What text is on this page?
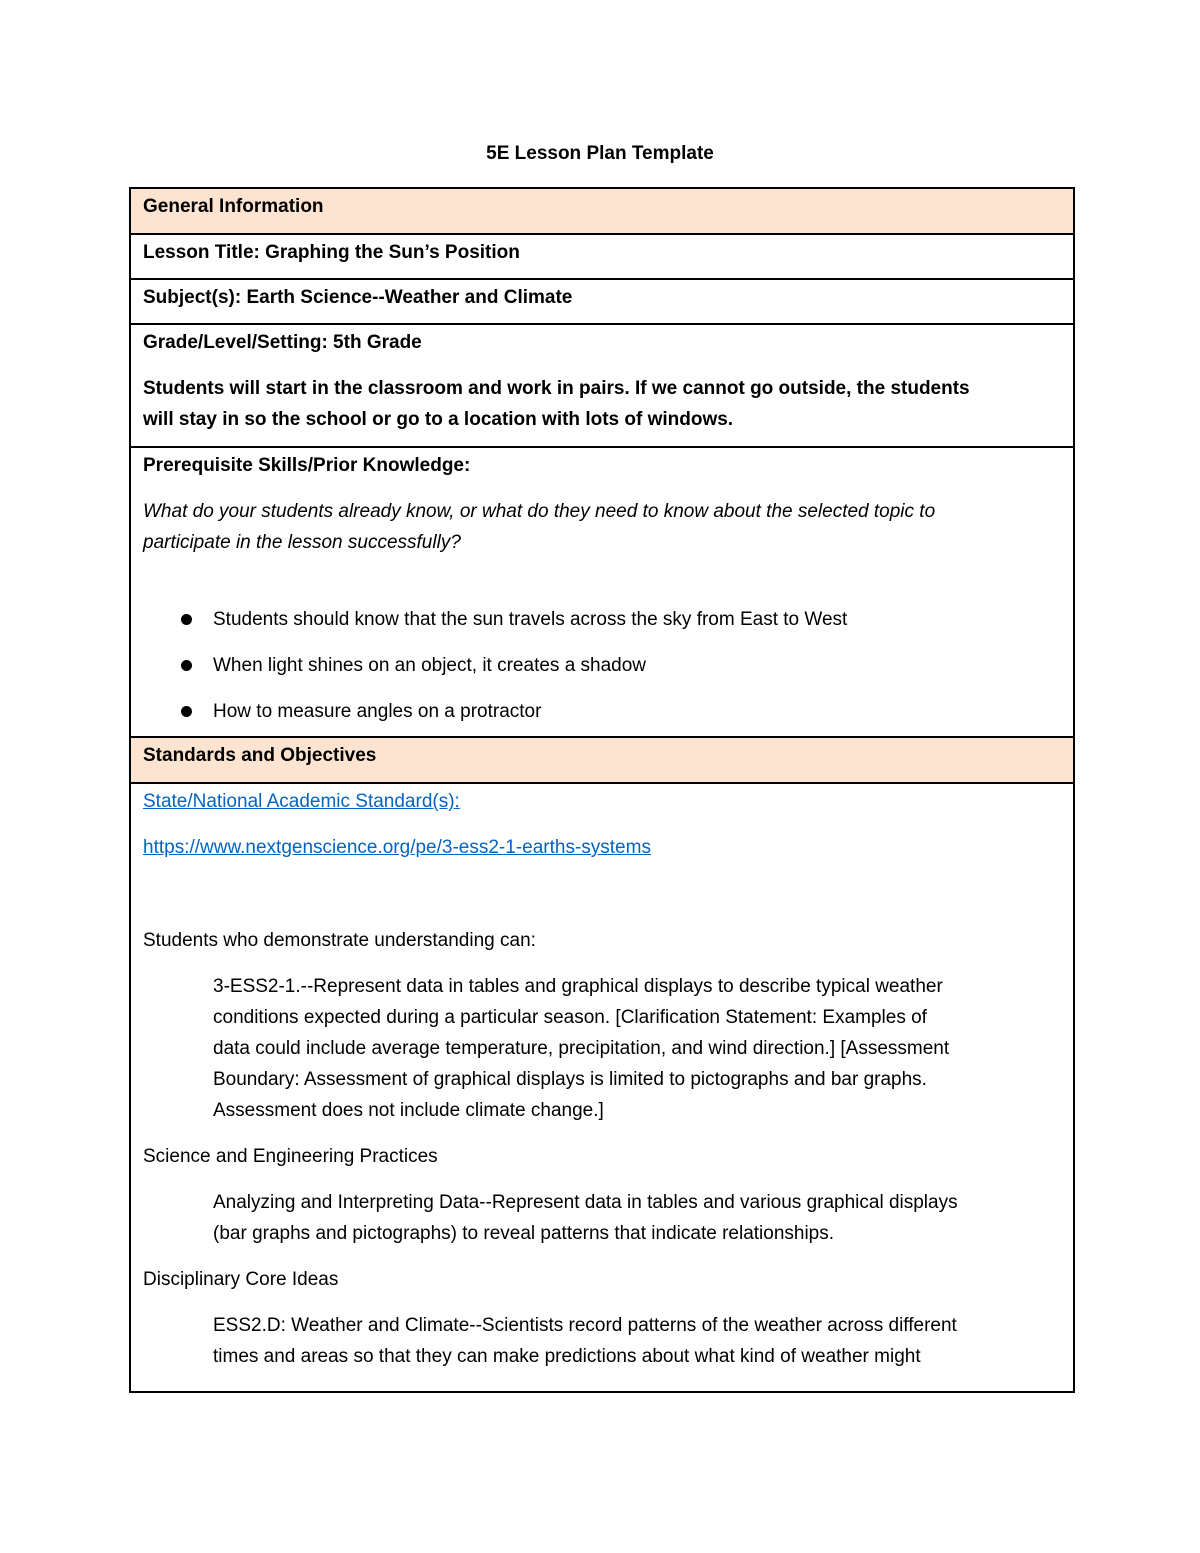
5E Lesson Plan Template
General Information
Lesson Title: Graphing the Sun’s Position
Subject(s): Earth Science--Weather and Climate

Grade/Level/Setting: 5th Grade

Students will start in the classroom and work in pairs. If we cannot go outside, the students

will stay in so the school or go to a location with lots of windows.

Prerequisite Skills/Prior Knowledge:

What do your students already know, or what do they need to know about the selected topic to

participate in the lesson successfully?

Students should know that the sun travels across the sky from East to West
When light shines on an object, it creates a shadow
How to measure angles on a protractor
Standards and Objectives

State/National Academic Standard(s):

https://www.nextgenscience.org/pe/3-ess2-1-earths-systems

Students who demonstrate understanding can:

3-ESS2-1.--Represent data in tables and graphical displays to describe typical weather

conditions expected during a particular season. [Clarification Statement: Examples of

data could include average temperature, precipitation, and wind direction.] [Assessment

Boundary: Assessment of graphical displays is limited to pictographs and bar graphs.

Assessment does not include climate change.]

Science and Engineering Practices

Analyzing and Interpreting Data--Represent data in tables and various graphical displays

(bar graphs and pictographs) to reveal patterns that indicate relationships.

Disciplinary Core Ideas

ESS2.D: Weather and Climate--Scientists record patterns of the weather across different

times and areas so that they can make predictions about what kind of weather might
